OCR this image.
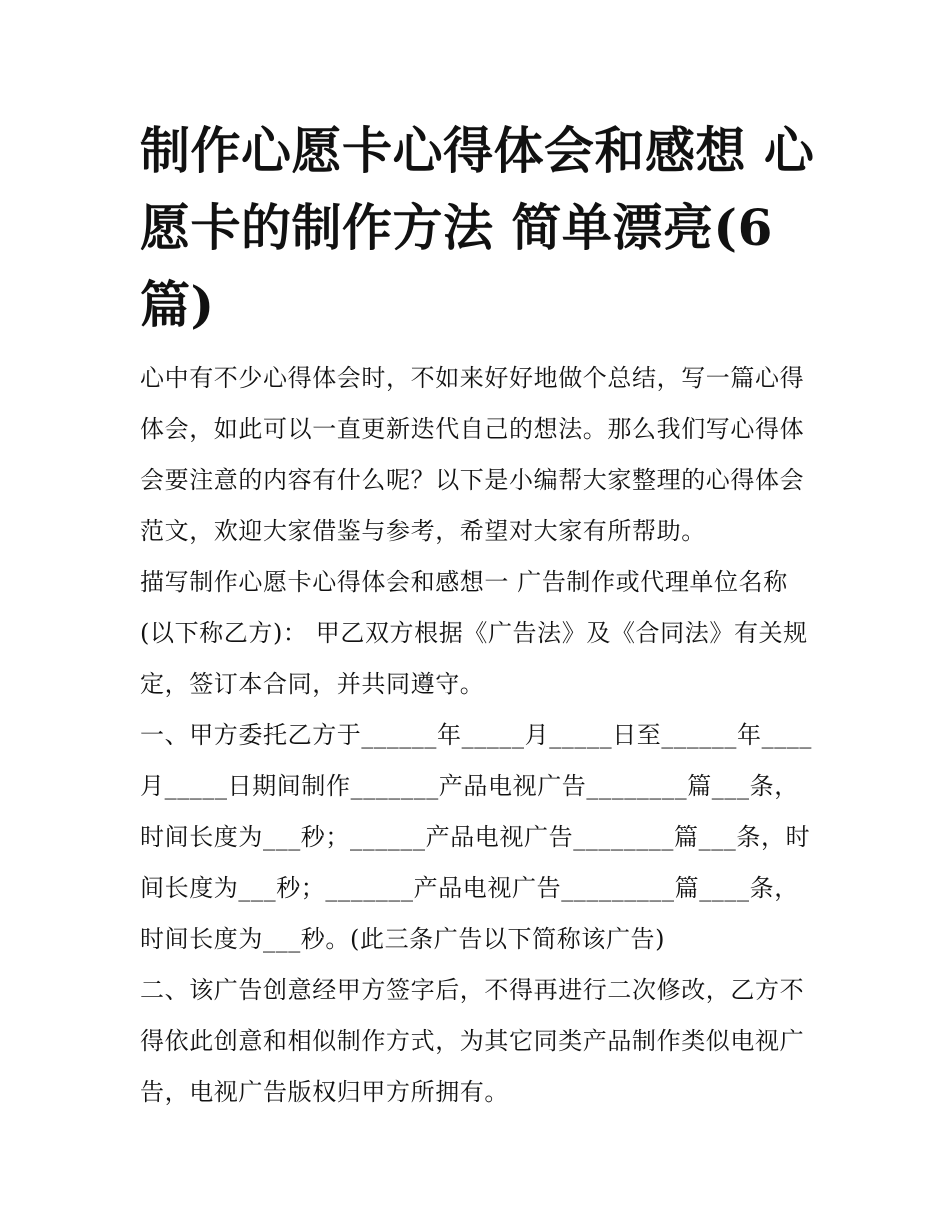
制作心愿卡心得体会和感想 心愿卡的制作方法 简单漂亮(6篇)

心中有不少心得体会时，不如来好好地做个总结，写一篇心得体会，如此可以一直更新迭代自己的想法。那么我们写心得体会要注意的内容有什么呢？以下是小编帮大家整理的心得体会范文，欢迎大家借鉴与参考，希望对大家有所帮助。

描写制作心愿卡心得体会和感想一 广告制作或代理单位名称(以下称乙方)： 甲乙双方根据《广告法》及《合同法》有关规定，签订本合同，并共同遵守。

一、甲方委托乙方于______年_____月_____日至______年____月_____日期间制作_______产品电视广告________篇___条，时间长度为___秒；______产品电视广告________篇___条，时间长度为___秒；_______产品电视广告_________篇____条，时间长度为___秒。(此三条广告以下简称该广告)

二、该广告创意经甲方签字后，不得再进行二次修改，乙方不得依此创意和相似制作方式，为其它同类产品制作类似电视广告，电视广告版权归甲方所拥有。
